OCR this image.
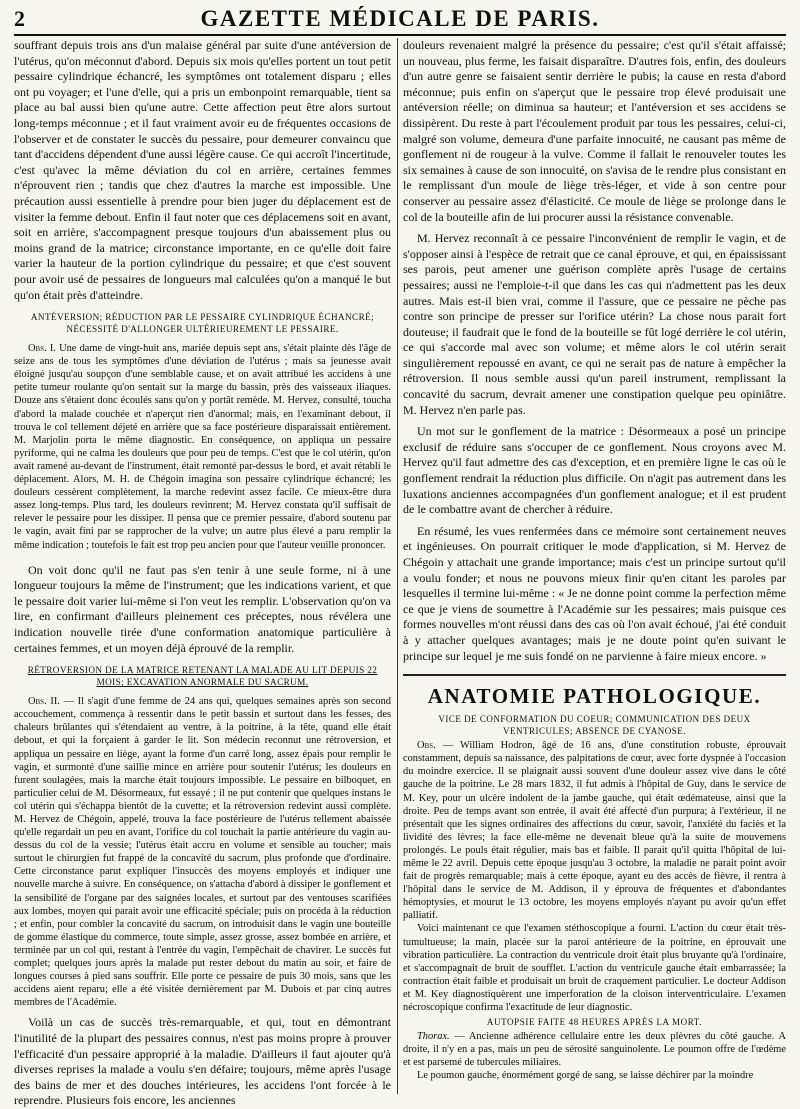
2	GAZETTE MÉDICALE DE PARIS.

souffrant depuis trois ans d'un malaise général par suite d'une antéversion de l'utérus, qu'on méconnut d'abord. Depuis six mois qu'elles portent un tout petit pessaire cylindrique échancré, les symptômes ont totalement disparu ; elles ont pu voyager; et l'une d'elle, qui a pris un embonpoint remarquable, tient sa place au bal aussi bien qu'une autre. Cette affection peut être alors surtout long-temps méconnue ; et il faut vraiment avoir eu de fréquentes occasions de l'observer et de constater le succès du pessaire, pour demeurer convaincu que tant d'accidens dépendent d'une aussi légère cause. Ce qui accroît l'incertitude, c'est qu'avec la même déviation du col en arrière, certaines femmes n'éprouvent rien ; tandis que chez d'autres la marche est impossible. Une précaution aussi essentielle à prendre pour bien juger du déplacement est de visiter la femme debout. Enfin il faut noter que ces déplacemens soit en avant, soit en arrière, s'accompagnent presque toujours d'un abaissement plus ou moins grand de la matrice; circonstance importante, en ce qu'elle doit faire varier la hauteur de la portion cylindrique du pessaire; et que c'est souvent pour avoir usé de pessaires de longueurs mal calculées qu'on a manqué le but qu'on était près d'atteindre.

ANTÉVERSION; RÉDUCTION PAR LE PESSAIRE CYLINDRIQUE ÉCHANCRÉ; NÉCESSITÉ D'ALLONGER ULTÉRIEUREMENT LE PESSAIRE.

Obs. I. Une dame de vingt-huit ans, mariée depuis sept ans, s'était plainte dès l'âge de seize ans de tous les symptômes d'une déviation de l'utérus ; mais sa jeunesse avait éloigné jusqu'au soupçon d'une semblable cause, et on avait attribué les accidens à une petite tumeur roulante qu'on sentait sur la marge du bassin, près des vaisseaux iliaques. Douze ans s'étaient donc écoulés sans qu'on y portât remède. M. Hervez, consulté, toucha d'abord la malade couchée et n'aperçut rien d'anormal; mais, en l'examinant debout, il trouva le col tellement déjeté en arrière que sa face postérieure disparaissait entièrement. M. Marjolin porta le même diagnostic. En conséquence, on appliqua un pessaire pyriforme, qui ne calma les douleurs que pour peu de temps. C'est que le col utérin, qu'on avait ramené au-devant de l'instrument, était remonté par-dessus le bord, et avait rétabli le déplacement. Alors, M. H. de Chégoin imagina son pessaire cylindrique échancré; les douleurs cessèrent complètement, la marche redevint assez facile. Ce mieux-être dura assez long-temps. Plus tard, les douleurs revinrent; M. Hervez constata qu'il suffisait de relever le pessaire pour les dissiper. Il pensa que ce premier pessaire, d'abord soutenu par le vagin, avait fini par se rapprocher de la vulve; un autre plus élevé a paru remplir la même indication ; toutefois le fait est trop peu ancien pour que l'auteur veuille prononcer.

On voit donc qu'il ne faut pas s'en tenir à une seule forme, ni à une longueur toujours la même de l'instrument; que les indications varient, et que le pessaire doit varier lui-même si l'on veut les remplir. L'observation qu'on va lire, en confirmant d'ailleurs pleinement ces préceptes, nous révélera une indication nouvelle tirée d'une conformation anatomique particulière à certaines femmes, et un moyen déjà éprouvé de la remplir.

RÉTROVERSION DE LA MATRICE RETENANT LA MALADE AU LIT DEPUIS 22 MOIS; EXCAVATION ANORMALE DU SACRUM.

Obs. II. — Il s'agit d'une femme de 24 ans qui, quelques semaines après son second accouchement, commença à ressentir dans le petit bassin et surtout dans les fesses, des chaleurs brûlantes qui s'étendaient au ventre, à la poitrine, à la tête, quand elle était debout, et qui la forçaient à garder le lit. Son médecin reconnut une rétroversion, et appliqua un pessaire en liège, ayant la forme d'un carré long, assez épais pour remplir le vagin, et surmonté d'une saillie mince en arrière pour soutenir l'utérus; les douleurs en furent soulagées, mais la marche était toujours impossible. Le pessaire en bilboquet, en particulier celui de M. Désormeaux, fut essayé ; il ne put contenir que quelques instans le col utérin qui s'échappa bientôt de la cuvette; et la rétroversion redevint aussi complète. M. Hervez de Chégoin, appelé, trouva la face postérieure de l'utérus tellement abaissée qu'elle regardait un peu en avant, l'orifice du col touchait la partie antérieure du vagin au-dessus du col de la vessie; l'utérus était accru en volume et sensible au toucher; mais surtout le chirurgien fut frappé de la concavité du sacrum, plus profonde que d'ordinaire. Cette circonstance parut expliquer l'insuccès des moyens employés et indiquer une nouvelle marche à suivre. En conséquence, on s'attacha d'abord à dissiper le gonflement et la sensibilité de l'organe par des saignées locales, et surtout par des ventouses scarifiées aux lombes, moyen qui parait avoir une efficacité spéciale; puis on procéda à la réduction ; et enfin, pour combler la concavité du sacrum, on introduisit dans le vagin une bouteille de gomme élastique du commerce, toute simple, assez grosse, assez bombée en arrière, et terminée par un col qui, restant à l'entrée du vagin, l'empêchait de chavirer. Le succès fut complet; quelques jours après la malade put rester debout du matin au soir, et faire de longues courses à pied sans souffrir. Elle porte ce pessaire de puis 30 mois, sans que les accidens aient reparu; elle a été visitée dernièrement par M. Dubois et par cinq autres membres de l'Académie.

Voilà un cas de succès très-remarquable, et qui, tout en démontrant l'inutilité de la plupart des pessaires connus, n'est pas moins propre à prouver l'efficacité d'un pessaire approprié à la maladie. D'ailleurs il faut ajouter qu'à diverses reprises la malade a voulu s'en défaire; toujours, même après l'usage des bains de mer et des douches intérieures, les accidens l'ont forcée à le reprendre. Plusieurs fois encore, les anciennes

douleurs revenaient malgré la présence du pessaire; c'est qu'il s'était affaissé; un nouveau, plus ferme, les faisait disparaître. D'autres fois, enfin, des douleurs d'un autre genre se faisaient sentir derrière le pubis; la cause en resta d'abord méconnue; puis enfin on s'aperçut que le pessaire trop élevé produisait une antéversion réelle; on diminua sa hauteur; et l'antéversion et ses accidens se dissipèrent. Du reste à part l'écoulement produit par tous les pessaires, celui-ci, malgré son volume, demeura d'une parfaite innocuité, ne causant pas même de gonflement ni de rougeur à la vulve. Comme il fallait le renouveler toutes les six semaines à cause de son innocuité, on s'avisa de le rendre plus consistant en le remplissant d'un moule de liège très-léger, et vide à son centre pour conserver au pessaire assez d'élasticité. Ce moule de liège se prolonge dans le col de la bouteille afin de lui procurer aussi la résistance convenable.

M. Hervez reconnaît à ce pessaire l'inconvénient de remplir le vagin, et de s'opposer ainsi à l'espèce de retrait que ce canal éprouve, et qui, en épaississant ses parois, peut amener une guérison complète après l'usage de certains pessaires; aussi ne l'emploie-t-il que dans les cas qui n'admettent pas les deux autres. Mais est-il bien vrai, comme il l'assure, que ce pessaire ne pèche pas contre son principe de presser sur l'orifice utérin? La chose nous parait fort douteuse; il faudrait que le fond de la bouteille se fût logé derrière le col utérin, ce qui s'accorde mal avec son volume; et même alors le col utérin serait singulièrement repoussé en avant, ce qui ne serait pas de nature à empêcher la rétroversion. Il nous semble aussi qu'un pareil instrument, remplissant la concavité du sacrum, devrait amener une constipation quelque peu opiniâtre. M. Hervez n'en parle pas.

Un mot sur le gonflement de la matrice : Désormeaux a posé un principe exclusif de réduire sans s'occuper de ce gonflement. Nous croyons avec M. Hervez qu'il faut admettre des cas d'exception, et en première ligne le cas où le gonflement rendrait la réduction plus difficile. On n'agit pas autrement dans les luxations anciennes accompagnées d'un gonflement analogue; et il est prudent de le combattre avant de chercher à réduire.

En résumé, les vues renfermées dans ce mémoire sont certainement neuves et ingénieuses. On pourrait critiquer le mode d'application, si M. Hervez de Chégoin y attachait une grande importance; mais c'est un principe surtout qu'il a voulu fonder; et nous ne pouvons mieux finir qu'en citant les paroles par lesquelles il termine lui-même : « Je ne donne point comme la perfection même ce que je viens de soumettre à l'Académie sur les pessaires; mais puisque ces formes nouvelles m'ont réussi dans des cas où l'on avait échoué, j'ai été conduit à y attacher quelques avantages; mais je ne doute point qu'en suivant le principe sur lequel je me suis fondé on ne parvienne à faire mieux encore. »

ANATOMIE PATHOLOGIQUE.
VICE DE CONFORMATION DU COEUR; COMMUNICATION DES DEUX VENTRICULES; ABSENCE DE CYANOSE.

Obs. — William Hodron, âgé de 16 ans, d'une constitution robuste, éprouvait constamment, depuis sa naissance, des palpitations de cœur, avec forte dyspnée à l'occasion du moindre exercice. Il se plaignait aussi souvent d'une douleur assez vive dans le côté gauche de la poitrine. Le 28 mars 1832, il fut admis à l'hôpital de Guy, dans le service de M. Key, pour un ulcère indolent de la jambe gauche, qui était œdémateuse, ainsi que la droite. Peu de temps avant son entrée, il avait été affecté d'un purpura; à l'extérieur, il ne présentait que les signes ordinaires des affections du cœur, savoir, l'anxiété du faciès et la lividité des lèvres; la face elle-même ne devenait bleue qu'à la suite de mouvemens prolongés. Le pouls était régulier, mais bas et faible. Il parait qu'il quitta l'hôpital de lui-même le 22 avril. Depuis cette époque jusqu'au 3 octobre, la maladie ne parait point avoir fait de progrès remarquable; mais à cette époque, ayant eu des accès de fièvre, il rentra à l'hôpital dans le service de M. Addison, il y éprouva de fréquentes et d'abondantes hémoptysies, et mourut le 13 octobre, les moyens employés n'ayant pu avoir qu'un effet palliatif.

Voici maintenant ce que l'examen stéthoscopique a fourni. L'action du cœur était très-tumultueuse; la main, placée sur la paroi antérieure de la poitrine, en éprouvait une vibration particulière. La contraction du ventricule droit était plus bruyante qu'à l'ordinaire, et s'accompagnait de bruit de soufflet. L'action du ventricule gauche était embarrassée; la contraction était faible et produisait un bruit de craquement particulier. Le docteur Addison et M. Key diagnostiquèrent une imperforation de la cloison interventriculaire. L'examen nécroscopique confirma l'exactitude de leur diagnostic.

AUTOPSIE FAITE 48 HEURES APRÈS LA MORT.

Thorax. — Ancienne adhérence cellulaire entre les deux plèvres du côté gauche. A droite, il n'y en a pas, mais un peu de sérosité sanguinolente. Le poumon offre de l'œdème et est parsemé de tubercules miliaires.

Le poumon gauche, énormément gorgé de sang, se laisse déchirer par la moindre
